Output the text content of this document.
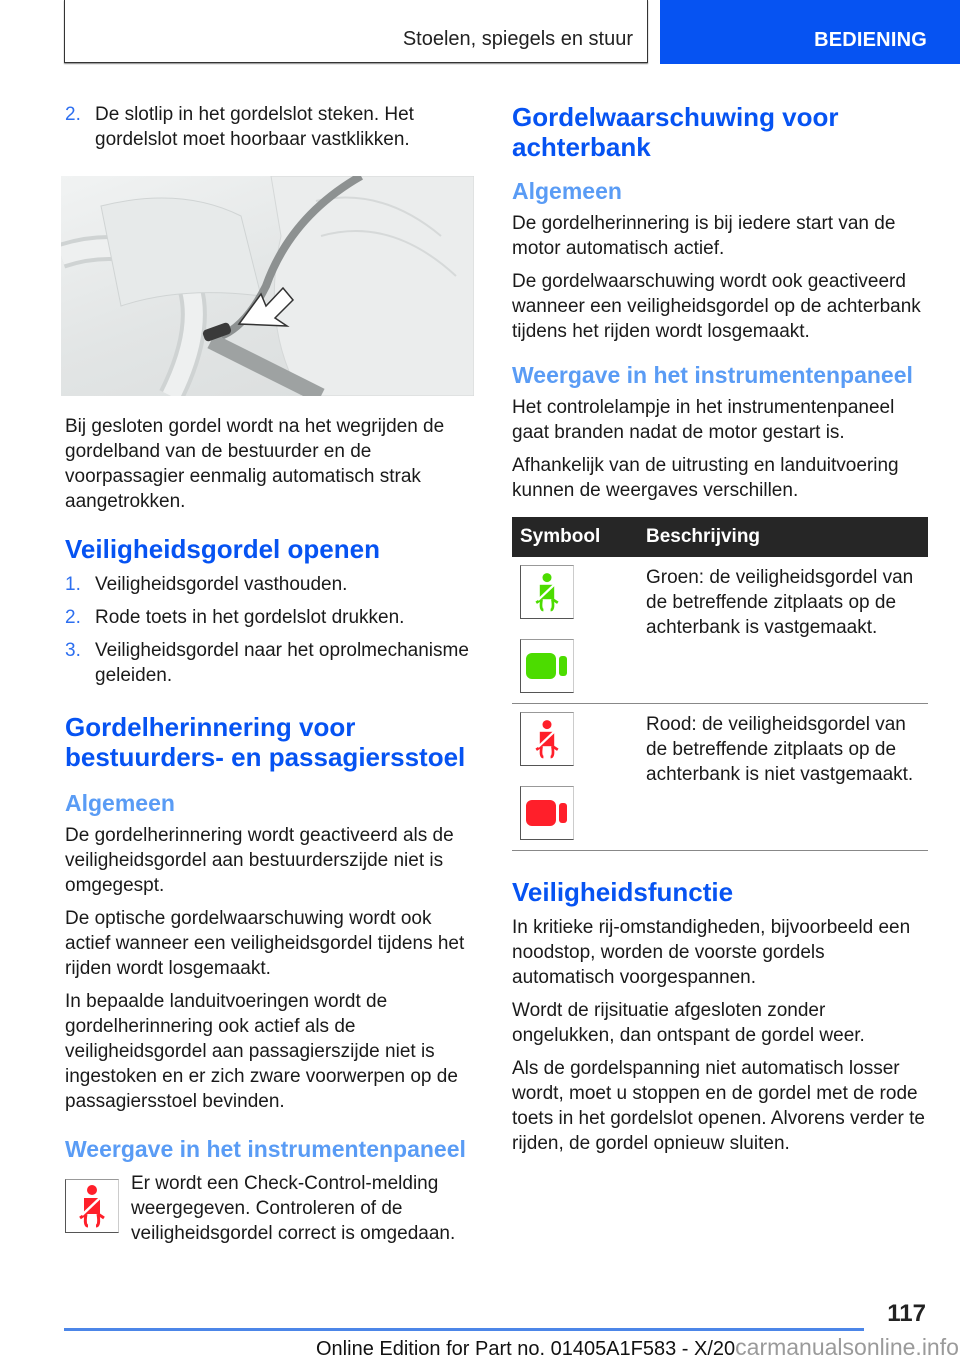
Stoelen, spiegels en stuur	BEDIENING
2. De slotlip in het gordelslot steken. Het gordelslot moet hoorbaar vastklikken.

Bij gesloten gordel wordt na het wegrijden de gordelband van de bestuurder en de voorpassagier eenmalig automatisch strak aangetrokken.

Veiligheidsgordel openen
1. Veiligheidsgordel vasthouden.
2. Rode toets in het gordelslot drukken.
3. Veiligheidsgordel naar het oprolmechanisme geleiden.
Gordelherinnering voor bestuurders- en passagiersstoel
Algemeen

De gordelherinnering wordt geactiveerd als de veiligheidsgordel aan bestuurderszijde niet is omgegespt.

De optische gordelwaarschuwing wordt ook actief wanneer een veiligheidsgordel tijdens het rijden wordt losgemaakt.

In bepaalde landuitvoeringen wordt de gordelherinnering ook actief als de veiligheidsgordel aan passagierszijde niet is ingestoken en er zich zware voorwerpen op de passagiersstoel bevinden.

Weergave in het instrumentenpaneel

Er wordt een Check-Control-melding weergegeven. Controleren of de veiligheidsgordel correct is omgedaan.

Gordelwaarschuwing voor achterbank
Algemeen

De gordelherinnering is bij iedere start van de motor automatisch actief.

De gordelwaarschuwing wordt ook geactiveerd wanneer een veiligheidsgordel op de achterbank tijdens het rijden wordt losgemaakt.

Weergave in het instrumentenpaneel

Het controlelampje in het instrumentenpaneel gaat branden nadat de motor gestart is.

Afhankelijk van de uitrusting en landuitvoering kunnen de weergaves verschillen.

Symbool	Beschrijving

	Groen: de veiligheidsgordel van de betreffende zitplaats op de achterbank is vastgemaakt.

	Rood: de veiligheidsgordel van de betreffende zitplaats op de achterbank is niet vastgemaakt.
Veiligheidsfunctie

In kritieke rij-omstandigheden, bijvoorbeeld een noodstop, worden de voorste gordels automatisch voorgespannen.

Wordt de rijsituatie afgesloten zonder ongelukken, dan ontspant de gordel weer.

Als de gordelspanning niet automatisch losser wordt, moet u stoppen en de gordel met de rode toets in het gordelslot openen. Alvorens verder te rijden, de gordel opnieuw sluiten.

117
Online Edition for Part no. 01405A1F583 - X/20carmanualsonline.info
